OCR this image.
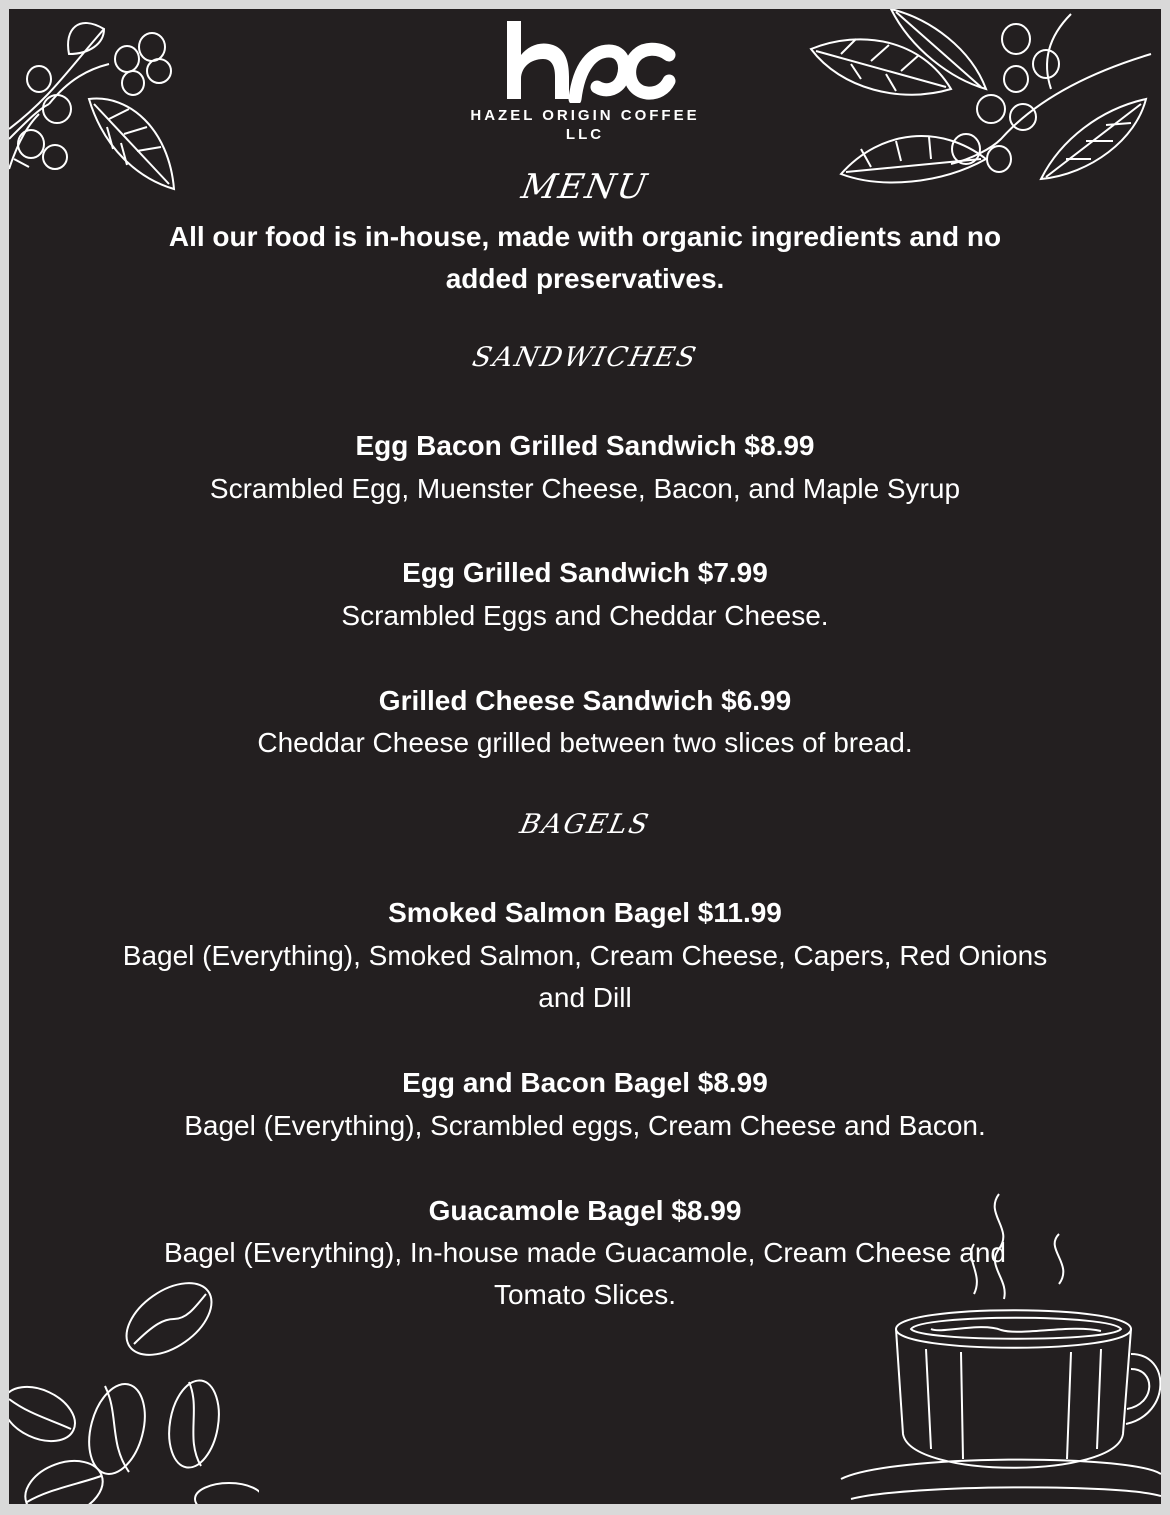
HAZEL ORIGIN COFFEE
LLC
MENU
All our food is in-house, made with organic ingredients and no added preservatives.
SANDWICHES
Egg Bacon Grilled Sandwich $8.99
Scrambled Egg, Muenster Cheese, Bacon, and Maple Syrup
Egg Grilled Sandwich $7.99
Scrambled Eggs and Cheddar Cheese.
Grilled Cheese Sandwich $6.99
Cheddar Cheese grilled between two slices of bread.
BAGELS
Smoked Salmon Bagel $11.99
Bagel (Everything), Smoked Salmon, Cream Cheese, Capers, Red Onions and Dill
Egg and Bacon Bagel $8.99
Bagel (Everything), Scrambled eggs, Cream Cheese and Bacon.
Guacamole Bagel $8.99
Bagel (Everything), In-house made Guacamole, Cream Cheese and Tomato Slices.
